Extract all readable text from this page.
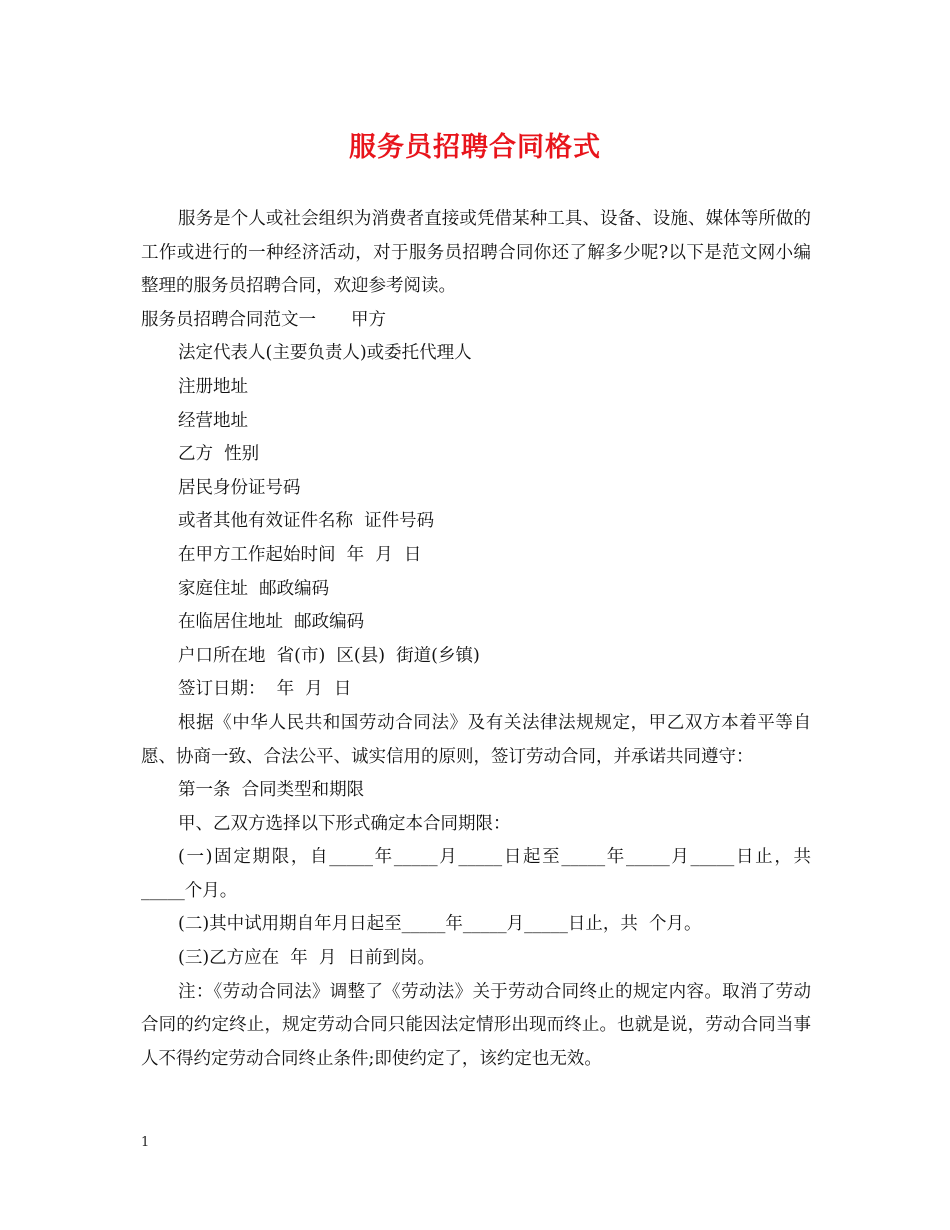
服务员招聘合同格式

服务是个人或社会组织为消费者直接或凭借某种工具、设备、设施、媒体等所做的工作或进行的一种经济活动，对于服务员招聘合同你还了解多少呢?以下是范文网小编整理的服务员招聘合同，欢迎参考阅读。

服务员招聘合同范文一　　甲方

法定代表人(主要负责人)或委托代理人

注册地址

经营地址

乙方  性别

居民身份证号码

或者其他有效证件名称  证件号码

在甲方工作起始时间  年  月  日

家庭住址  邮政编码

在临居住地址  邮政编码

户口所在地  省(市)  区(县)  街道(乡镇)

签订日期：  年  月  日

根据《中华人民共和国劳动合同法》及有关法律法规规定，甲乙双方本着平等自愿、协商一致、合法公平、诚实信用的原则，签订劳动合同，并承诺共同遵守：

第一条  合同类型和期限

甲、乙双方选择以下形式确定本合同期限：

(一)固定期限，自_____年_____月_____日起至_____年_____月_____日止，共_____个月。

(二)其中试用期自年月日起至_____年_____月_____日止，共  个月。

(三)乙方应在  年  月  日前到岗。

注：《劳动合同法》调整了《劳动法》关于劳动合同终止的规定内容。取消了劳动合同的约定终止，规定劳动合同只能因法定情形出现而终止。也就是说，劳动合同当事人不得约定劳动合同终止条件;即使约定了，该约定也无效。

1
